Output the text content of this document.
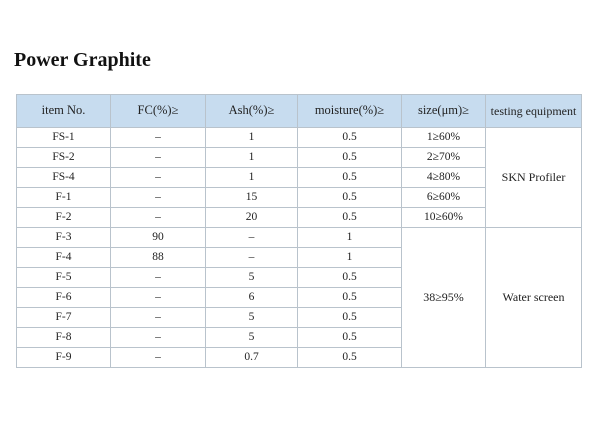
Power Graphite
item No.	FC(%)≥	Ash(%)≥	moisture(%)≥	size(μm)≥	testing equipment
FS-1	–	1	0.5	1≥60%	SKN Profiler
FS-2	–	1	0.5	2≥70%	
FS-4	–	1	0.5	4≥80%	
F-1	–	15	0.5	6≥60%	
F-2	–	20	0.5	10≥60%	
F-3	90	–	1	38≥95%	Water screen
F-4	88	–	1		
F-5	–	5	0.5		
F-6	–	6	0.5		
F-7	–	5	0.5		
F-8	–	5	0.5		
F-9	–	0.7	0.5		
